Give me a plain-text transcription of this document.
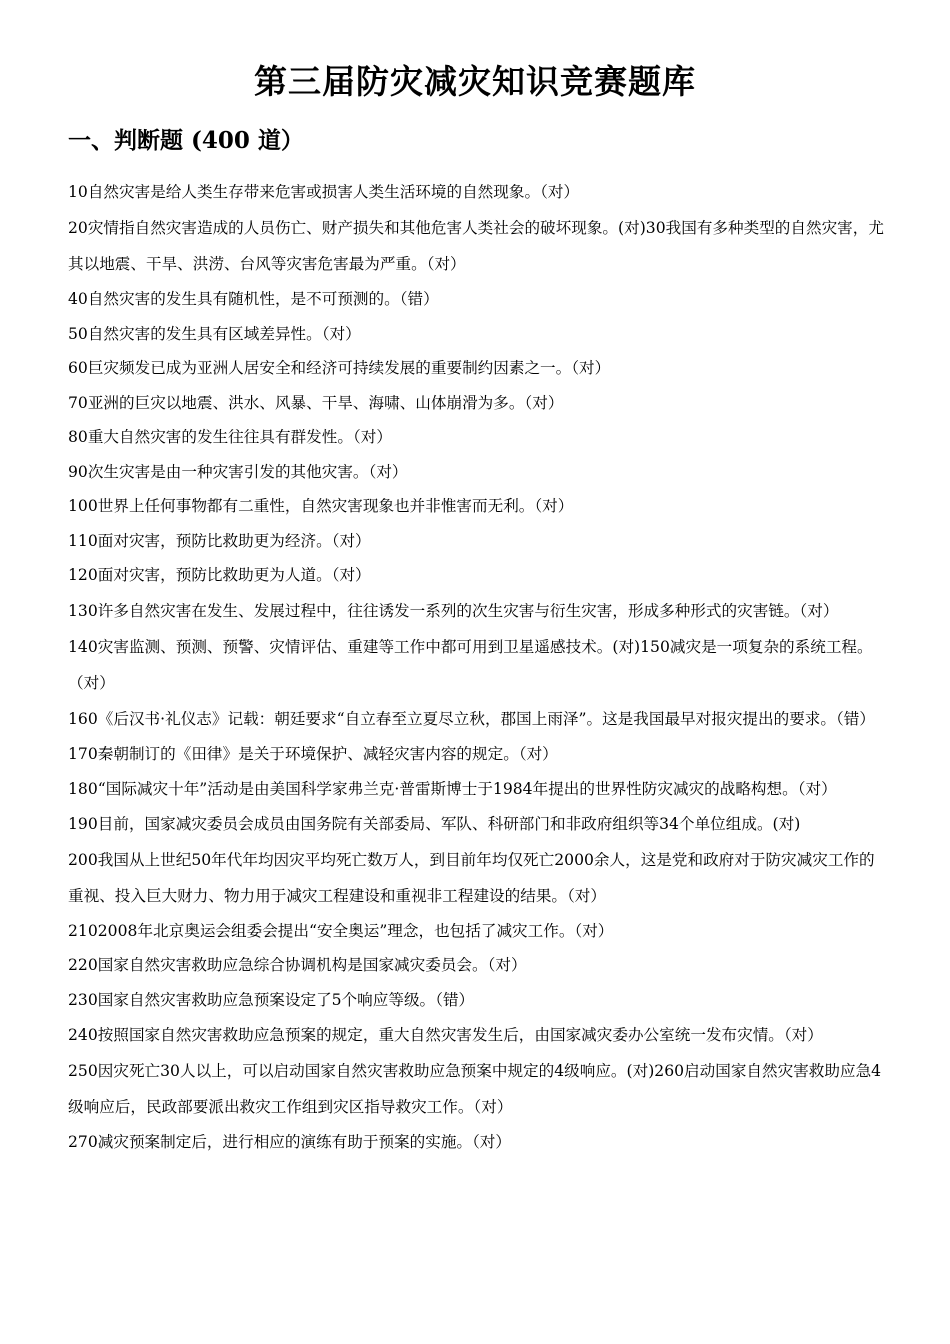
第三届防灾减灾知识竞赛题库
一、判断题 (400 道）
10自然灾害是给人类生存带来危害或损害人类生活环境的自然现象。（对）
20灾情指自然灾害造成的人员伤亡、财产损失和其他危害人类社会的破坏现象。(对)30我国有多种类型的自然灾害，尤其以地震、干旱、洪涝、台风等灾害危害最为严重。（对）
40自然灾害的发生具有随机性，是不可预测的。（错）
50自然灾害的发生具有区域差异性。（对）
60巨灾频发已成为亚洲人居安全和经济可持续发展的重要制约因素之一。（对）
70亚洲的巨灾以地震、洪水、风暴、干旱、海啸、山体崩滑为多。（对）
80重大自然灾害的发生往往具有群发性。（对）
90次生灾害是由一种灾害引发的其他灾害。（对）
100世界上任何事物都有二重性，自然灾害现象也并非惟害而无利。（对）
110面对灾害，预防比救助更为经济。（对）
120面对灾害，预防比救助更为人道。（对）
130许多自然灾害在发生、发展过程中，往往诱发一系列的次生灾害与衍生灾害，形成多种形式的灾害链。（对）
140灾害监测、预测、预警、灾情评估、重建等工作中都可用到卫星遥感技术。(对)150减灾是一项复杂的系统工程。（对）
160《后汉书·礼仪志》记载：朝廷要求“自立春至立夏尽立秋，郡国上雨泽”。这是我国最早对报灾提出的要求。（错）
170秦朝制订的《田律》是关于环境保护、减轻灾害内容的规定。（对）
180“国际减灾十年”活动是由美国科学家弗兰克·普雷斯博士于1984年提出的世界性防灾减灾的战略构想。（对）
190目前，国家减灾委员会成员由国务院有关部委局、军队、科研部门和非政府组织等34个单位组成。(对)
200我国从上世纪50年代年均因灾平均死亡数万人，到目前年均仅死亡2000余人，这是党和政府对于防灾减灾工作的重视、投入巨大财力、物力用于减灾工程建设和重视非工程建设的结果。（对）
2102008年北京奥运会组委会提出“安全奥运”理念，也包括了减灾工作。（对）
220国家自然灾害救助应急综合协调机构是国家减灾委员会。（对）
230国家自然灾害救助应急预案设定了5个响应等级。（错）
240按照国家自然灾害救助应急预案的规定，重大自然灾害发生后，由国家减灾委办公室统一发布灾情。（对）
250因灾死亡30人以上，可以启动国家自然灾害救助应急预案中规定的4级响应。(对)260启动国家自然灾害救助应急4级响应后，民政部要派出救灾工作组到灾区指导救灾工作。（对）
270减灾预案制定后，进行相应的演练有助于预案的实施。（对）
